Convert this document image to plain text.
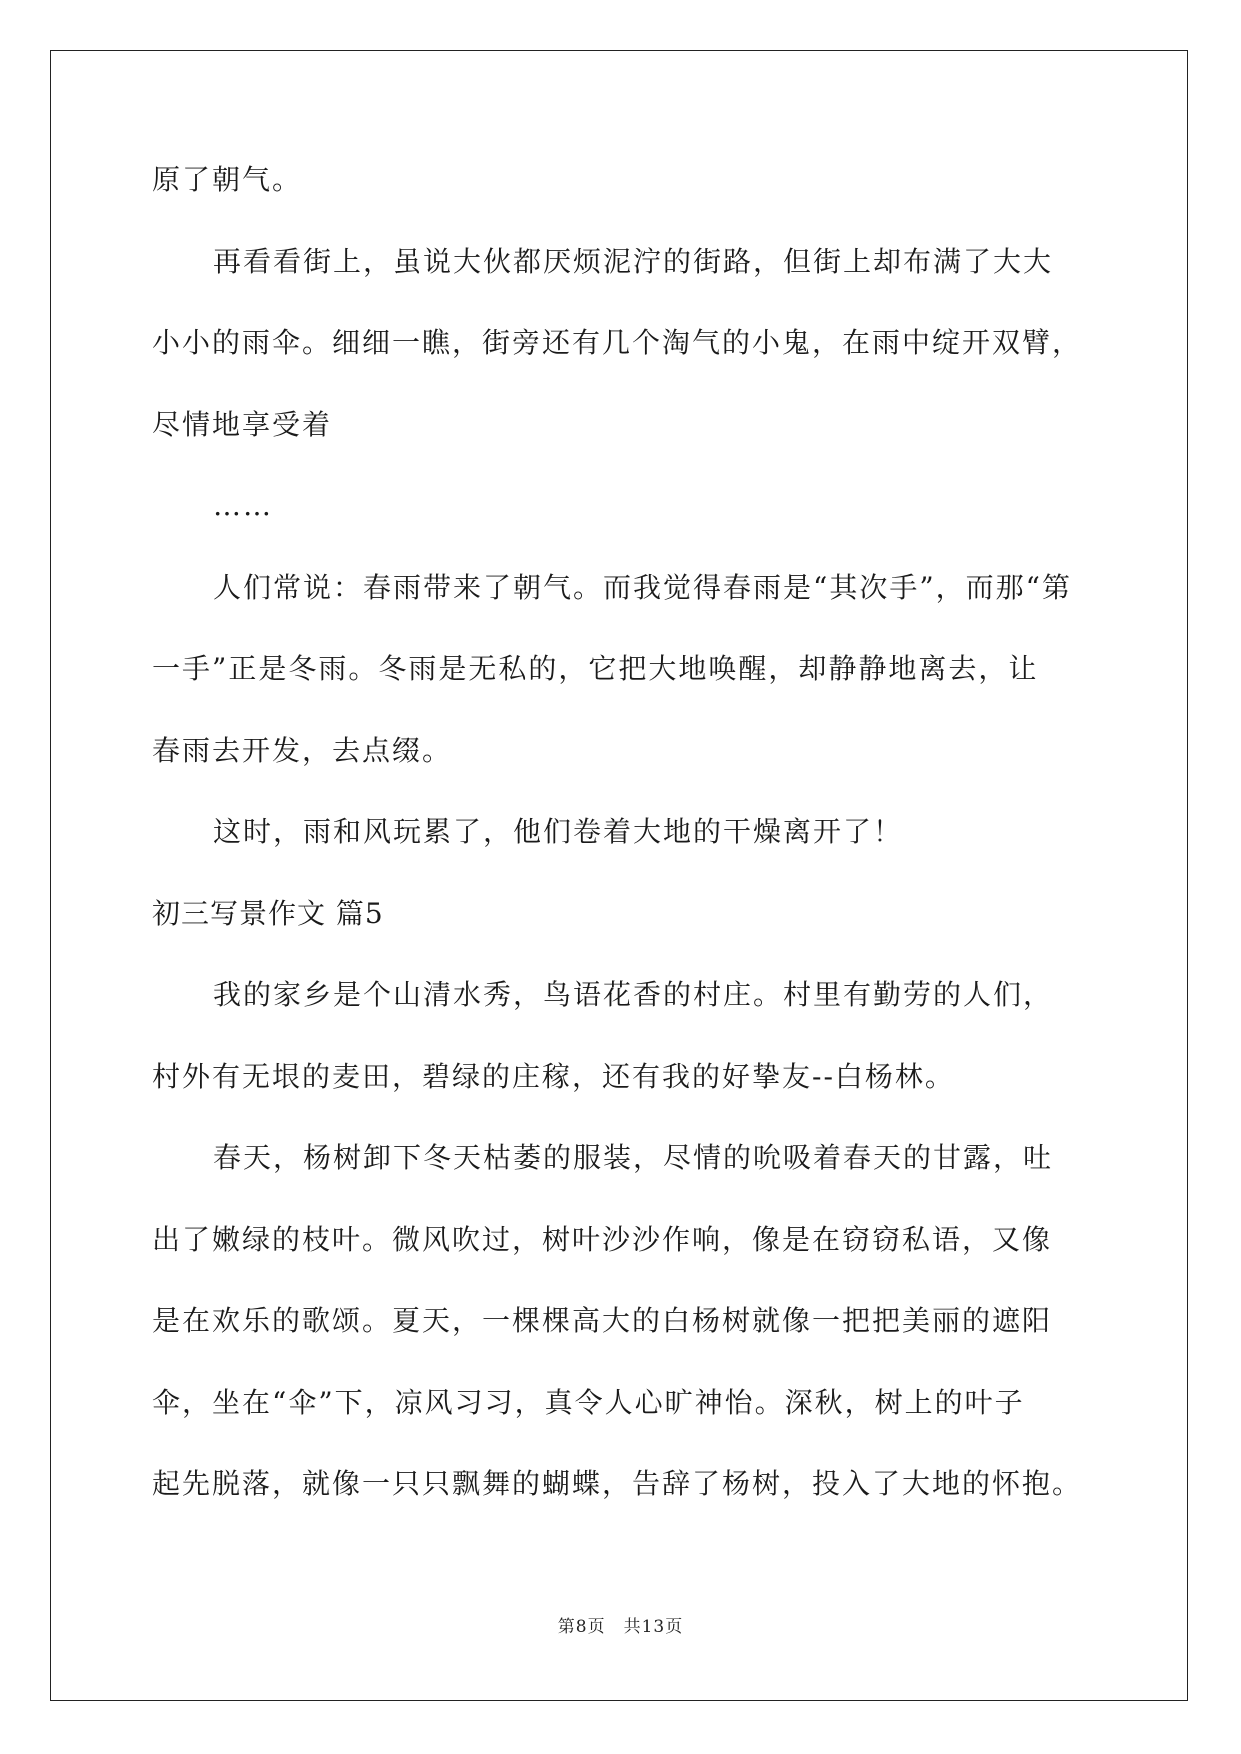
原了朝气。
再看看街上，虽说大伙都厌烦泥泞的街路，但街上却布满了大大
小小的雨伞。细细一瞧，街旁还有几个淘气的小鬼，在雨中绽开双臂，
尽情地享受着
……
人们常说：春雨带来了朝气。而我觉得春雨是“其次手”，而那“第
一手”正是冬雨。冬雨是无私的，它把大地唤醒，却静静地离去，让
春雨去开发，去点缀。
这时，雨和风玩累了，他们卷着大地的干燥离开了！
初三写景作文 篇5
我的家乡是个山清水秀，鸟语花香的村庄。村里有勤劳的人们，
村外有无垠的麦田，碧绿的庄稼，还有我的好挚友--白杨林。
春天，杨树卸下冬天枯萎的服装，尽情的吮吸着春天的甘露，吐
出了嫩绿的枝叶。微风吹过，树叶沙沙作响，像是在窃窃私语，又像
是在欢乐的歌颂。夏天，一棵棵高大的白杨树就像一把把美丽的遮阳
伞，坐在“伞”下，凉风习习，真令人心旷神怡。深秋，树上的叶子
起先脱落，就像一只只飘舞的蝴蝶，告辞了杨树，投入了大地的怀抱。
第8页 共13页
